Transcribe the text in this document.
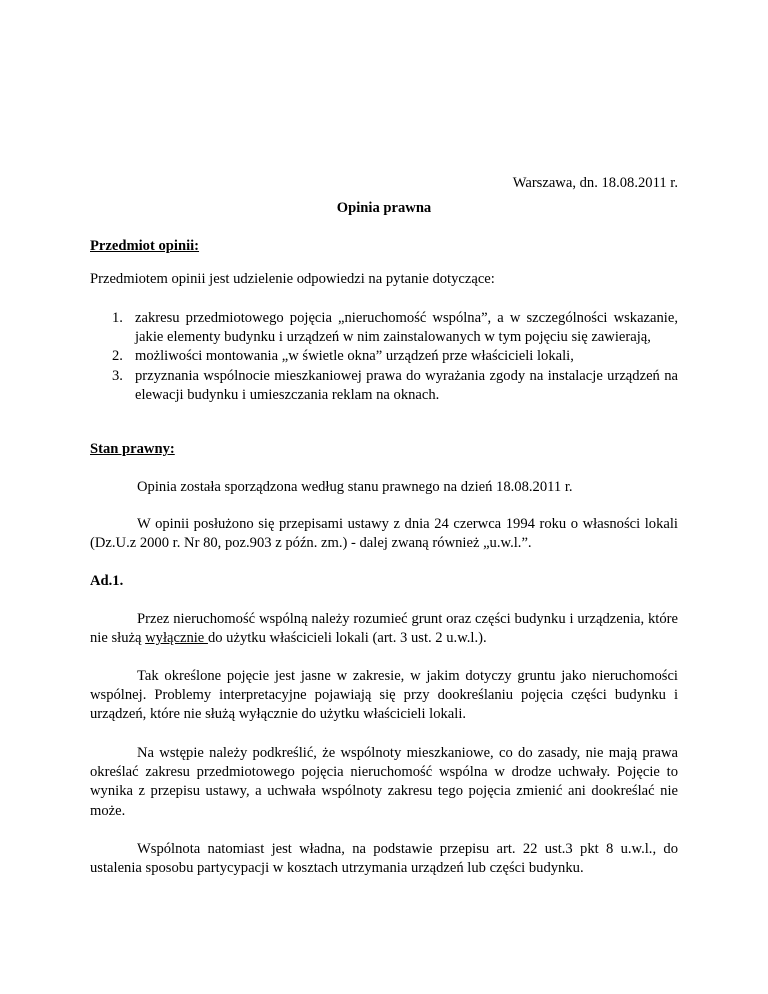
Warszawa, dn. 18.08.2011 r.
Opinia prawna
Przedmiot opinii:
Przedmiotem opinii jest udzielenie odpowiedzi na pytanie dotyczące:
1. zakresu przedmiotowego pojęcia „nieruchomość wspólna”, a w szczególności wskazanie, jakie elementy budynku i urządzeń w nim zainstalowanych w tym pojęciu się zawierają,
2. możliwości montowania „w świetle okna” urządzeń prze właścicieli lokali,
3. przyznania wspólnocie mieszkaniowej prawa do wyrażania zgody na instalacje urządzeń na elewacji budynku i umieszczania reklam na oknach.
Stan prawny:
Opinia została sporządzona według stanu prawnego na dzień 18.08.2011 r.
W opinii posłużono się przepisami ustawy z dnia 24 czerwca 1994 roku o własności lokali (Dz.U.z 2000 r. Nr 80, poz.903 z późn. zm.) - dalej zwaną również „u.w.l.”.
Ad.1.
Przez nieruchomość wspólną należy rozumieć grunt oraz części budynku i urządzenia, które nie służą wyłącznie do użytku właścicieli lokali (art. 3 ust. 2 u.w.l.).
Tak określone pojęcie jest jasne w zakresie, w jakim dotyczy gruntu jako nieruchomości wspólnej. Problemy interpretacyjne pojawiają się przy dookreślaniu pojęcia części budynku i urządzeń, które nie służą wyłącznie do użytku właścicieli lokali.
Na wstępie należy podkreślić, że wspólnoty mieszkaniowe, co do zasady, nie mają prawa określać zakresu przedmiotowego pojęcia nieruchomość wspólna w drodze uchwały. Pojęcie to wynika z przepisu ustawy, a uchwała wspólnoty zakresu tego pojęcia zmienić ani dookreślać nie może.
Wspólnota natomiast jest władna, na podstawie przepisu art. 22 ust.3 pkt 8 u.w.l., do ustalenia sposobu partycypacji w kosztach utrzymania urządzeń lub części budynku.
